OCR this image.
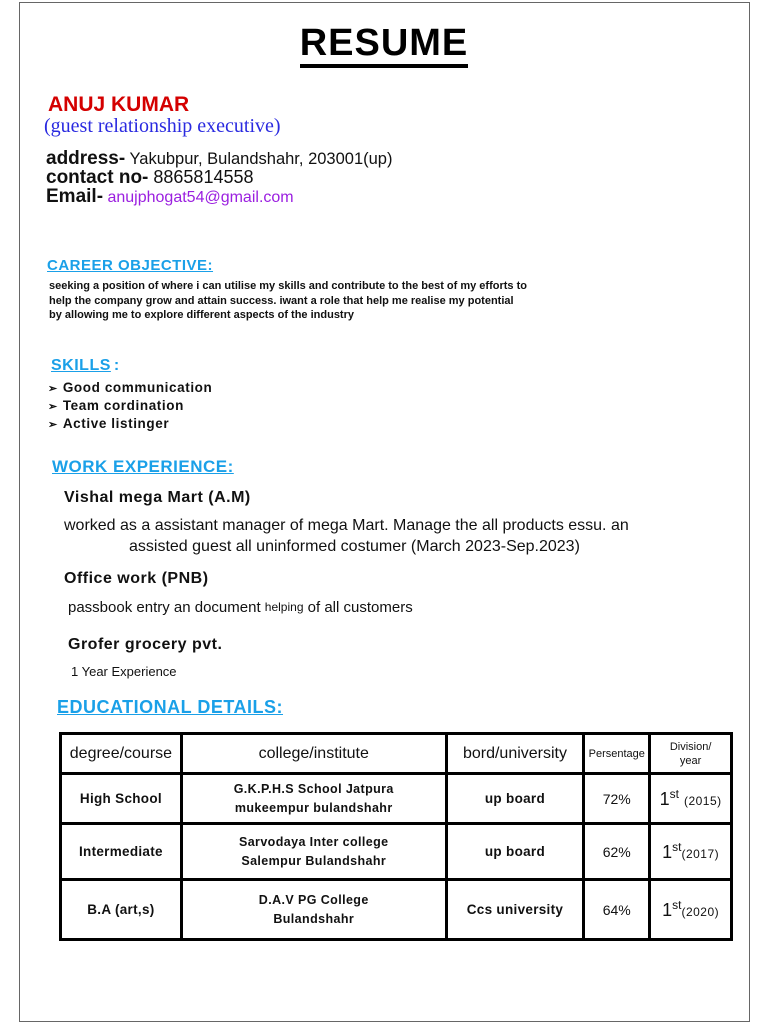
RESUME
ANUJ KUMAR
(guest relationship executive)
address- Yakubpur, Bulandshahr, 203001(up)
contact no- 8865814558
Email- anujphogat54@gmail.com
CAREER OBJECTIVE:
seeking a position of where i can utilise my skills and contribute to the best of my efforts to
help the company grow and attain success. iwant a role that help me realise my potential
by allowing me to explore different aspects of the industry
SKILLS :
➢ Good communication
➢ Team cordination
➢ Active listinger
WORK EXPERIENCE:
Vishal mega Mart (A.M)
worked as a assistant manager of mega Mart. Manage the all products essu. an
assisted guest all uninformed costumer (March 2023-Sep.2023)
Office work (PNB)
passbook entry an document helping of all customers
Grofer grocery pvt.
1 Year Experience
EDUCATIONAL DETAILS:
degree/course	college/institute	bord/university	Persentage	Division/
year

High School	G.K.P.H.S School Jatpura
mukeempur bulandshahr	up board	72%	1st (2015)
Intermediate	Sarvodaya Inter college
Salempur Bulandshahr	up board	62%	1st(2017)
B.A (art,s)	D.A.V PG College
Bulandshahr	Ccs university	64%	1st(2020)
